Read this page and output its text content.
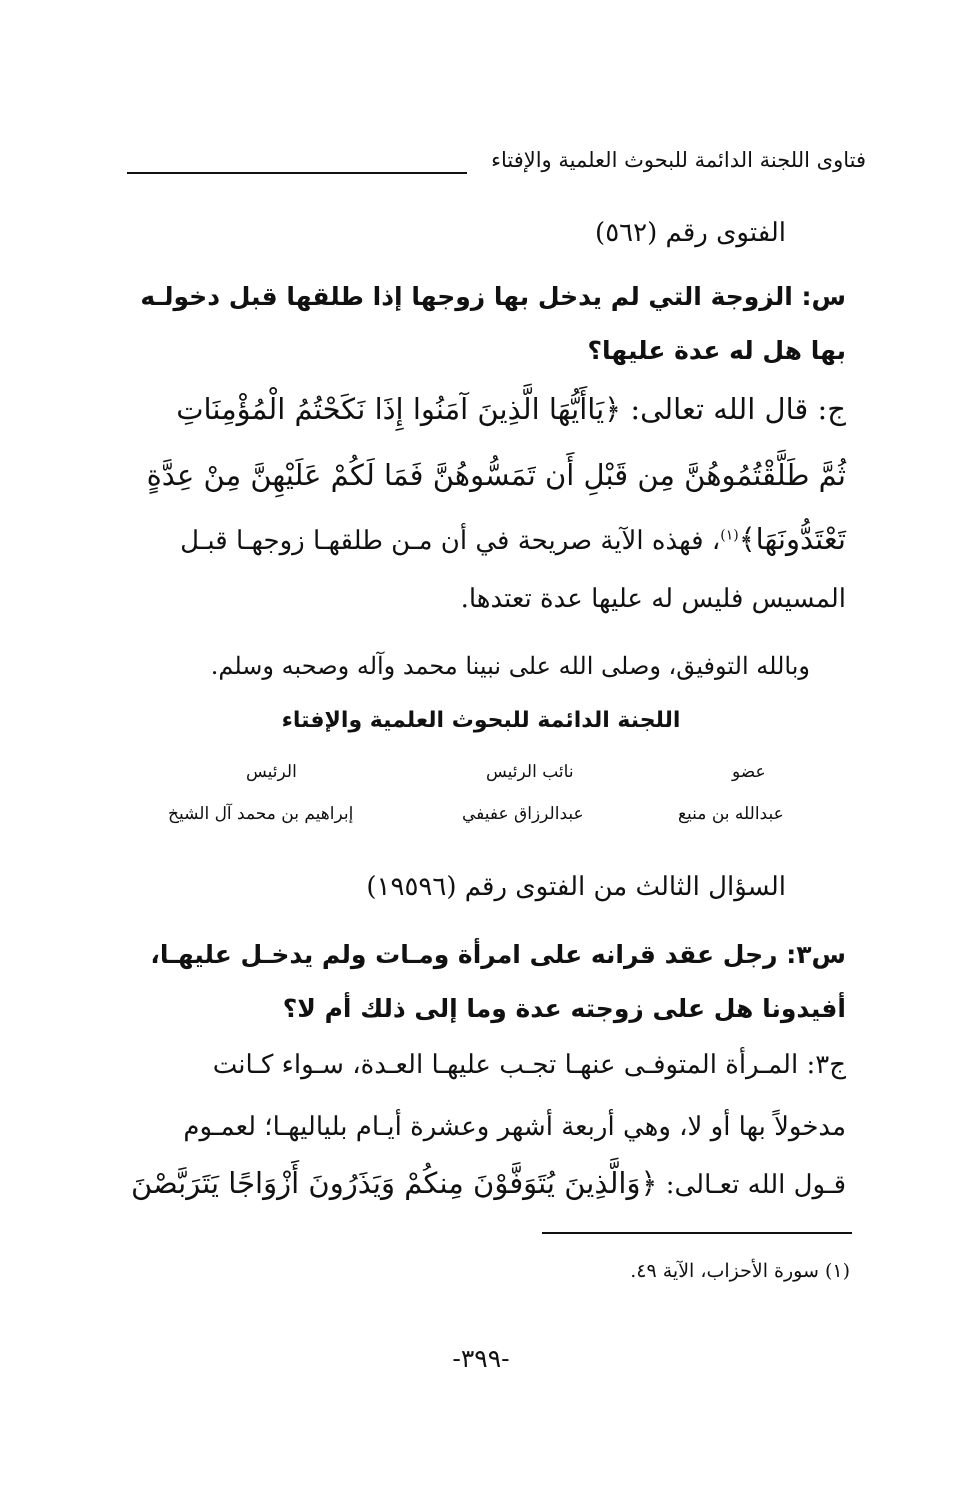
فتاوى اللجنة الدائمة للبحوث العلمية والإفتاء
الفتوى رقم (٥٦٢)
س: الزوجة التي لم يدخل بها زوجها إذا طلقها قبل دخولـه
بها هل له عدة عليها؟
ج: قال الله تعالى: ﴿يَاأَيُّهَا الَّذِينَ آمَنُوا إِذَا نَكَحْتُمُ الْمُؤْمِنَاتِ
ثُمَّ طَلَّقْتُمُوهُنَّ مِن قَبْلِ أَن تَمَسُّوهُنَّ فَمَا لَكُمْ عَلَيْهِنَّ مِنْ عِدَّةٍ
تَعْتَدُّونَهَا﴾$^{(١)}$، فهذه الآية صريحة في أن مـن طلقهـا زوجهـا قبـل
المسيس فليس له عليها عدة تعتدها.
وبالله التوفيق، وصلى الله على نبينا محمد وآله وصحبه وسلم.
اللجنة الدائمة للبحوث العلمية والإفتاء
عضو
نائب الرئيس
الرئيس
عبدالله بن منيع
عبدالرزاق عفيفي
إبراهيم بن محمد آل الشيخ
السؤال الثالث من الفتوى رقم (١٩٥٩٦)
س٣: رجل عقد قرانه على امرأة ومـات ولم يدخـل عليهـا،
أفيدونا هل على زوجته عدة وما إلى ذلك أم لا؟
ج٣: المـرأة المتوفـى عنهـا تجـب عليهـا العـدة، سـواء كـانت
مدخولاً بها أو لا، وهي أربعة أشهر وعشرة أيـام بلياليهـا؛ لعمـوم
قـول الله تعـالى: ﴿وَالَّذِينَ يُتَوَفَّوْنَ مِنكُمْ وَيَذَرُونَ أَزْوَاجًا يَتَرَبَّصْنَ
(١) سورة الأحزاب، الآية ٤٩.
-٣٩٩-
